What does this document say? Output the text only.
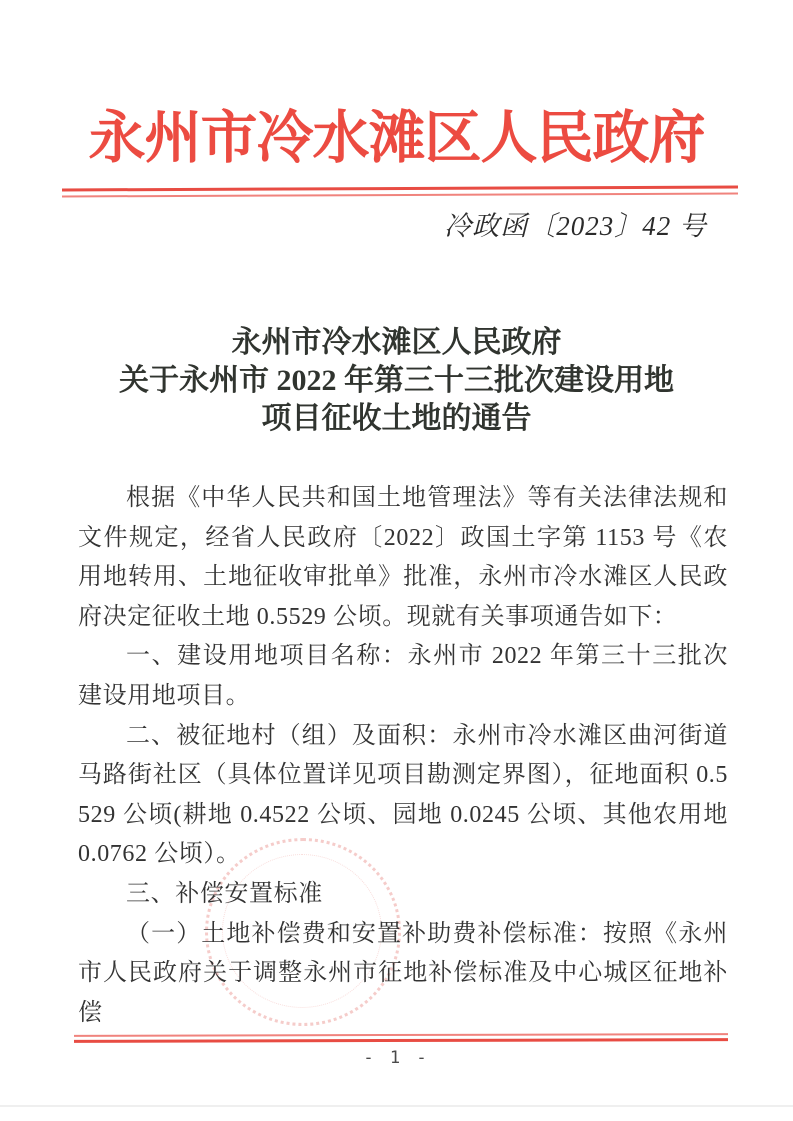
永州市冷水滩区人民政府
冷政函〔2023〕42 号
永州市冷水滩区人民政府
关于永州市 2022 年第三十三批次建设用地
项目征收土地的通告

根据《中华人民共和国土地管理法》等有关法律法规和文件规定，经省人民政府〔2022〕政国土字第 1153 号《农用地转用、土地征收审批单》批准，永州市冷水滩区人民政府决定征收土地 0.5529 公顷。现就有关事项通告如下：

一、建设用地项目名称：永州市 2022 年第三十三批次建设用地项目。

二、被征地村（组）及面积：永州市冷水滩区曲河街道马路街社区（具体位置详见项目勘测定界图），征地面积 0.5529 公顷(耕地 0.4522 公顷、园地 0.0245 公顷、其他农用地 0.0762 公顷）。

三、补偿安置标准

（一）土地补偿费和安置补助费补偿标准：按照《永州市人民政府关于调整永州市征地补偿标准及中心城区征地补偿

- 1 -
